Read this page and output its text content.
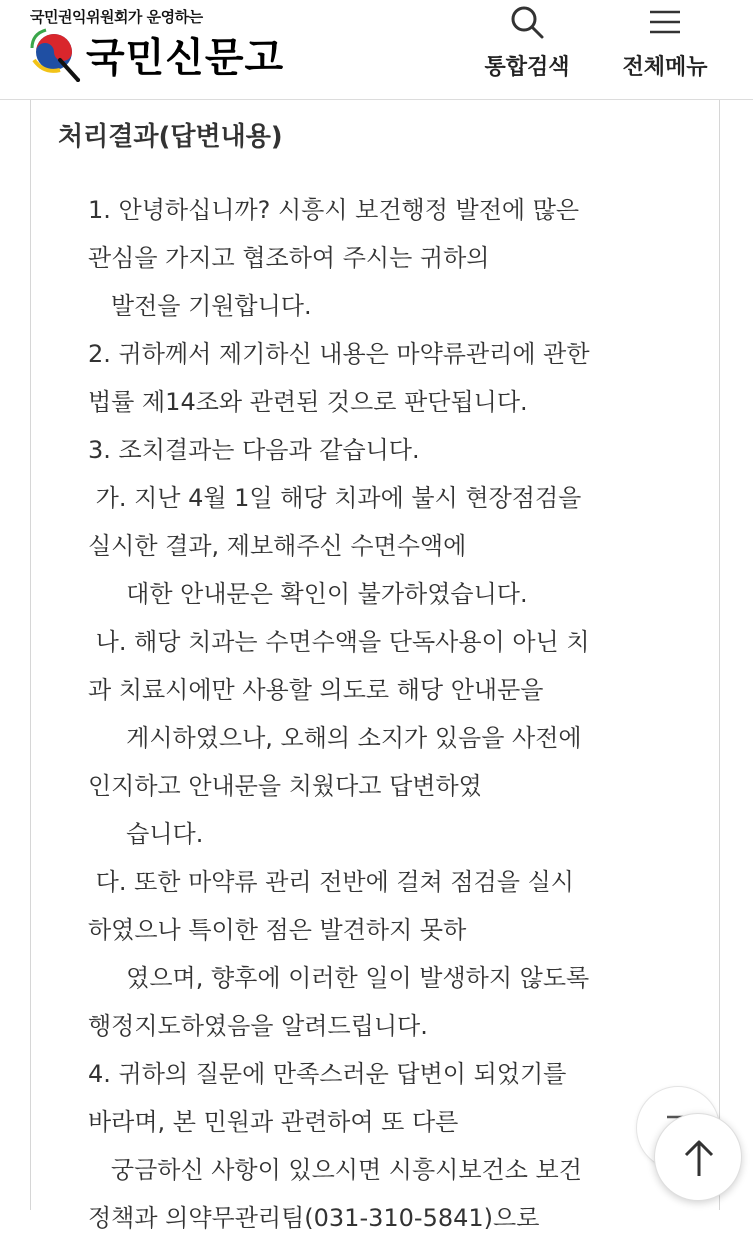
국민권익위원회가 운영하는
국민신문고	통합검색	전체메뉴
처리결과(답변내용)
1. 안녕하십니까? 시흥시 보건행정 발전에 많은
관심을 가지고 협조하여 주시는 귀하의
발전을 기원합니다.
2. 귀하께서 제기하신 내용은 마약류관리에 관한
법률 제14조와 관련된 것으로 판단됩니다.
3. 조치결과는 다음과 같습니다.
가. 지난 4월 1일 해당 치과에 불시 현장점검을
실시한 결과, 제보해주신 수면수액에
대한 안내문은 확인이 불가하였습니다.
나. 해당 치과는 수면수액을 단독사용이 아닌 치
과 치료시에만 사용할 의도로 해당 안내문을
게시하였으나, 오해의 소지가 있음을 사전에
인지하고 안내문을 치웠다고 답변하였
습니다.
다. 또한 마약류 관리 전반에 걸쳐 점검을 실시
하였으나 특이한 점은 발견하지 못하
였으며, 향후에 이러한 일이 발생하지 않도록
행정지도하였음을 알려드립니다.
4. 귀하의 질문에 만족스러운 답변이 되었기를
바라며, 본 민원과 관련하여 또 다른
궁금하신 사항이 있으시면 시흥시보건소 보건
정책과 의약무관리팀(031-310-5841)으로
